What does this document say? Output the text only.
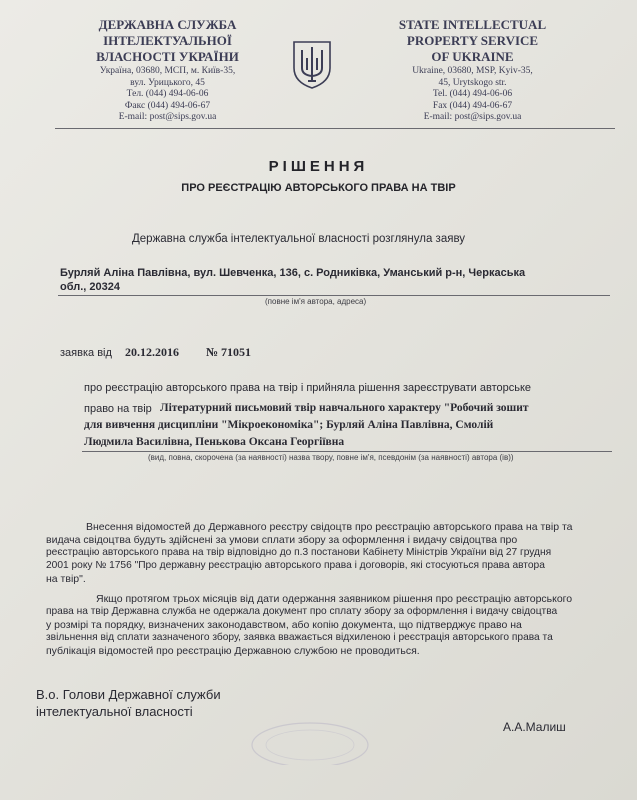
ДЕРЖАВНА СЛУЖБА
ІНТЕЛЕКТУАЛЬНОЇ
ВЛАСНОСТІ УКРАЇНИ
Україна, 03680, МСП, м. Київ-35,
вул. Урицького, 45
Тел. (044) 494-06-06
Факс (044) 494-06-67
E-mail: post@sips.gov.ua
STATE INTELLECTUAL
PROPERTY SERVICE
OF UKRAINE
Ukraine, 03680, MSP, Kyiv-35,
45, Urytskogo str.
Tel. (044) 494-06-06
Fax (044) 494-06-67
E-mail: post@sips.gov.ua
РІШЕННЯ
ПРО РЕЄСТРАЦІЮ АВТОРСЬКОГО ПРАВА НА ТВІР
Державна служба інтелектуальної власності розглянула заяву
Бурляй Аліна Павлівна, вул. Шевченка, 136, с. Родниківка, Уманський р-н, Черкаська
обл., 20324
(повне ім'я автора, адреса)
заявка від 20.12.2016 № 71051
про реєстрацію авторського права на твір і прийняла рішення зареєструвати авторське
право на твір Літературний письмовий твір навчального характеру "Робочий зошит
для вивчення дисципліни "Мікроекономіка"; Бурляй Аліна Павлівна, Смолій
Людмила Василівна, Пенькова Оксана Георгіївна
(вид, повна, скорочена (за наявності) назва твору, повне ім'я, псевдонім (за наявності) автора (ів))
Внесення відомостей до Державного реєстру свідоцтв про реєстрацію авторського права на твір та
видача свідоцтва будуть здійснені за умови сплати збору за оформлення і видачу свідоцтва про
реєстрацію авторського права на твір відповідно до п.3 постанови Кабінету Міністрів України від 27 грудня
2001 року № 1756 "Про державну реєстрацію авторського права і договорів, які стосуються права автора
на твір".
Якщо протягом трьох місяців від дати одержання заявником рішення про реєстрацію авторського
права на твір Державна служба не одержала документ про сплату збору за оформлення і видачу свідоцтва
у розмірі та порядку, визначених законодавством, або копію документа, що підтверджує право на
звільнення від сплати зазначеного збору, заявка вважається відхиленою і реєстрація авторського права та
публікація відомостей про реєстрацію Державною службою не проводиться.
В.о. Голови Державної служби
інтелектуальної власності
А.А.Малиш
